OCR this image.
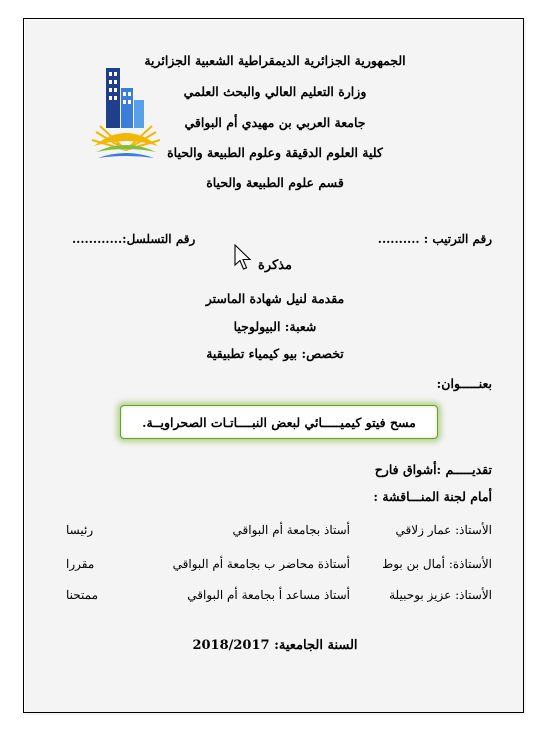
الجمهورية الجزائرية الديمقراطية الشعبية الجزائرية
وزارة التعليم العالي والبحث العلمي
جامعة العربي بن مهيدي أم البواقي
كلية العلوم الدقيقة وعلوم الطبيعة والحياة
قسم علوم الطبيعة والحياة
رقم الترتيب : ..........
رقم التسلسل:............
مذكرة
مقدمة لنيل شهادة الماستر
شعبة: البيولوجيا
تخصص: بيو كيمياء تطبيقية
بعنـــــوان:
مسح فيتو كيميـــــائي لبعض النبــــاتـات الصحراويــة.
تقديـــــم :أشواق فارح
أمام لجنة المنـــاقشة :
الأستاذ: عمار زلاقي
أستاذ بجامعة أم البواقي
رئيسا
الأستاذة: أمال بن بوط
أستاذة محاضر ب بجامعة أم البواقي
مقررا
الأستاذ: عزيز بوحبيلة
أستاذ مساعد أ بجامعة أم البواقي
ممتحنا
السنة الجامعية: 2018/2017
